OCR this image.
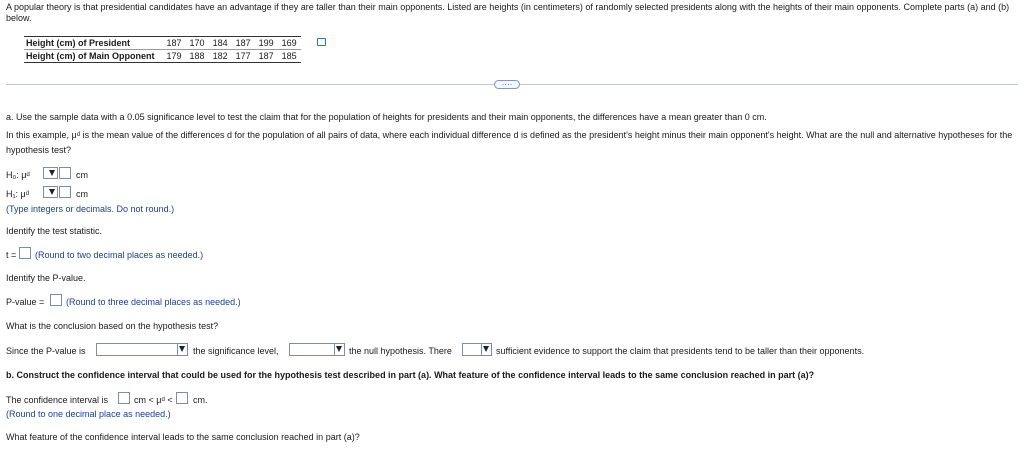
A popular theory is that presidential candidates have an advantage if they are taller than their main opponents. Listed are heights (in centimeters) of randomly selected presidents along with the heights of their main opponents. Complete parts (a) and (b) below.
Height (cm) of President	187	170	184	187	199	169
Height (cm) of Main Opponent	179	188	182	177	187	185
····
a. Use the sample data with a 0.05 significance level to test the claim that for the population of heights for presidents and their main opponents, the differences have a mean greater than 0 cm.
In this example, μᵈ is the mean value of the differences d for the population of all pairs of data, where each individual difference d is defined as the president's height minus their main opponent's height. What are the null and alternative hypotheses for the hypothesis test?
H₀: μᵈ	cm
H₁: μᵈ	cm
(Type integers or decimals. Do not round.)
Identify the test statistic.
t = (Round to two decimal places as needed.)
Identify the P-value.
P-value = (Round to three decimal places as needed.)
What is the conclusion based on the hypothesis test?
Since the P-value is	the significance level,	the null hypothesis. There	sufficient evidence to support the claim that presidents tend to be taller than their opponents.
b. Construct the confidence interval that could be used for the hypothesis test described in part (a). What feature of the confidence interval leads to the same conclusion reached in part (a)?
The confidence interval is	cm < μᵈ < cm.
(Round to one decimal place as needed.)
What feature of the confidence interval leads to the same conclusion reached in part (a)?
